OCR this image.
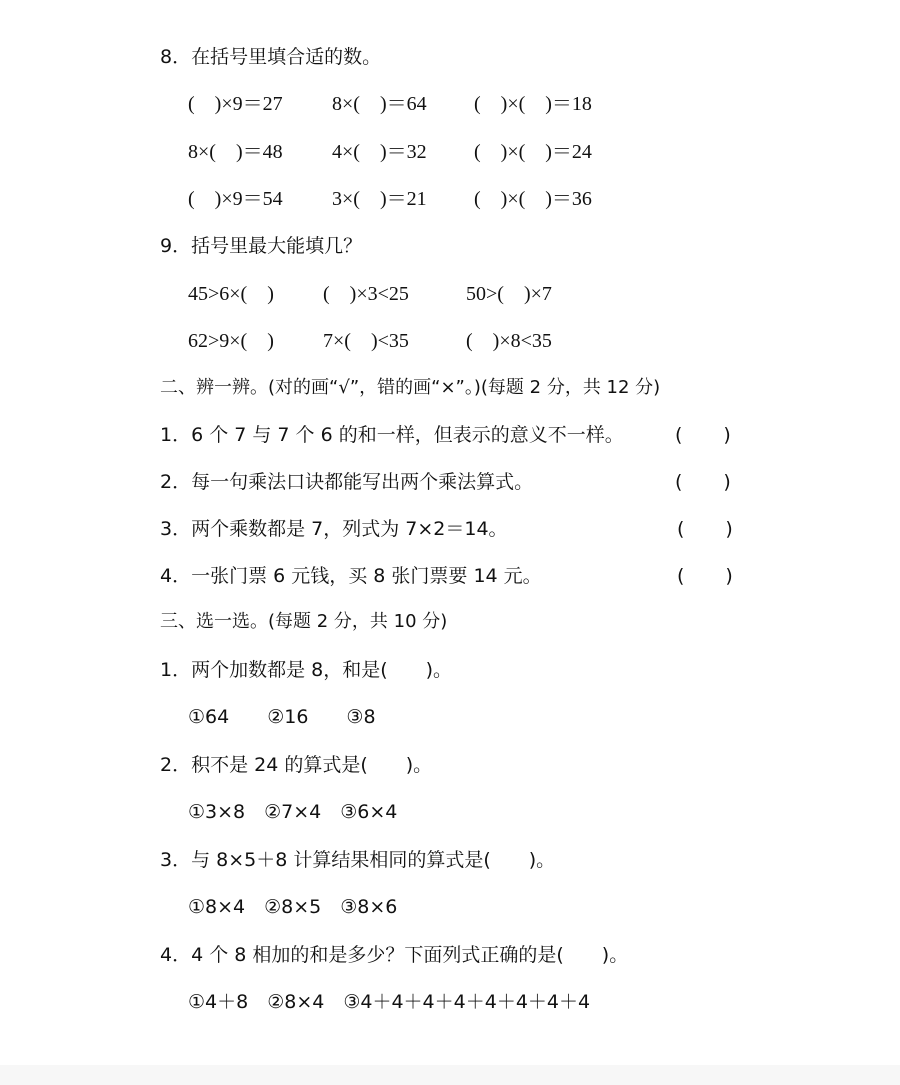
8．在括号里填合适的数。
(　)×9＝27 8×(　)＝64 (　)×(　)＝18
8×(　)＝48 4×(　)＝32 (　)×(　)＝24
(　)×9＝54 3×(　)＝21 (　)×(　)＝36
9．括号里最大能填几？
45>6×(　) (　)×3<25	50>(　)×7
62>9×(　) 7×(　)<35	(　)×8<35
二、辨一辨。(对的画“√”，错的画“×”。)(每题 2 分，共 12 分)
1．6 个 7 与 7 个 6 的和一样，但表示的意义不一样。	(　　)
2．每一句乘法口诀都能写出两个乘法算式。	(　　)
3．两个乘数都是 7，列式为 7×2＝14。	(　　)
4．一张门票 6 元钱，买 8 张门票要 14 元。	(　　)
三、选一选。(每题 2 分，共 10 分)
1．两个加数都是 8，和是(　　)。
①64　　②16　　③8
2．积不是 24 的算式是(　　)。
①3×8　②7×4　③6×4
3．与 8×5＋8 计算结果相同的算式是(　　)。
①8×4　②8×5　③8×6
4．4 个 8 相加的和是多少？下面列式正确的是(　　)。
①4＋8　②8×4　③4＋4＋4＋4＋4＋4＋4＋4
